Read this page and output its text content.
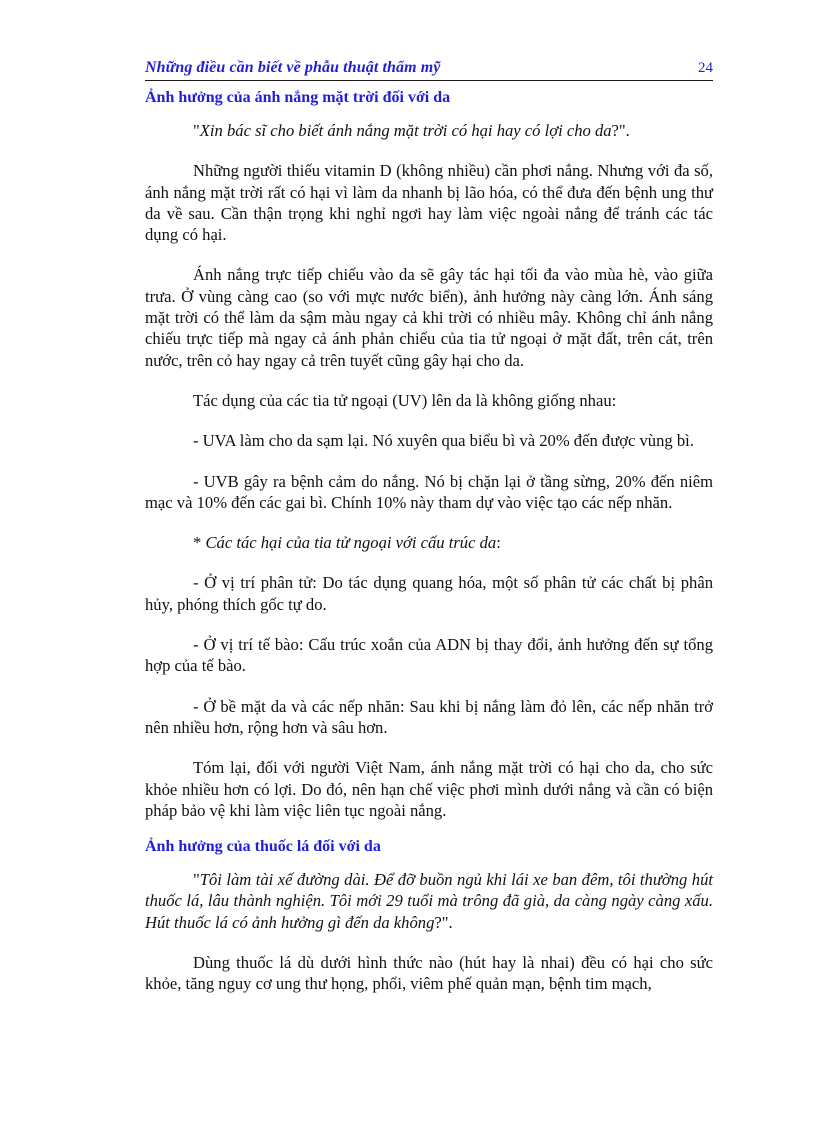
Những điều cần biết về phẫu thuật thẩm mỹ	24
Ảnh hưởng của ánh nắng mặt trời đối với da

"Xin bác sĩ cho biết ánh nắng mặt trời có hại hay có lợi cho da?".

Những người thiếu vitamin D (không nhiều) cần phơi nắng. Nhưng với đa số, ánh nắng mặt trời rất có hại vì làm da nhanh bị lão hóa, có thể đưa đến bệnh ung thư da về sau. Cần thận trọng khi nghỉ ngơi hay làm việc ngoài nắng để tránh các tác dụng có hại.

Ánh nắng trực tiếp chiếu vào da sẽ gây tác hại tối đa vào mùa hè, vào giữa trưa. Ở vùng càng cao (so với mực nước biển), ảnh hưởng này càng lớn. Ánh sáng mặt trời có thể làm da sậm màu ngay cả khi trời có nhiều mây. Không chỉ ánh nắng chiếu trực tiếp mà ngay cả ánh phản chiếu của tia tử ngoại ở mặt đất, trên cát, trên nước, trên cỏ hay ngay cả trên tuyết cũng gây hại cho da.

Tác dụng của các tia tử ngoại (UV) lên da là không giống nhau:

- UVA làm cho da sạm lại. Nó xuyên qua biểu bì và 20% đến được vùng bì.

- UVB gây ra bệnh cảm do nắng. Nó bị chặn lại ở tầng sừng, 20% đến niêm mạc và 10% đến các gai bì. Chính 10% này tham dự vào việc tạo các nếp nhăn.

* Các tác hại của tia tử ngoại với cấu trúc da:

- Ở vị trí phân tử: Do tác dụng quang hóa, một số phân tử các chất bị phân hủy, phóng thích gốc tự do.

- Ở vị trí tế bào: Cấu trúc xoắn của ADN bị thay đổi, ảnh hưởng đến sự tổng hợp của tế bào.

- Ở bề mặt da và các nếp nhăn: Sau khi bị nắng làm đỏ lên, các nếp nhăn trở nên nhiều hơn, rộng hơn và sâu hơn.

Tóm lại, đối với người Việt Nam, ánh nắng mặt trời có hại cho da, cho sức khỏe nhiều hơn có lợi. Do đó, nên hạn chế việc phơi mình dưới nắng và cần có biện pháp bảo vệ khi làm việc liên tục ngoài nắng.

Ảnh hưởng của thuốc lá đối với da

"Tôi làm tài xế đường dài. Để đỡ buồn ngủ khi lái xe ban đêm, tôi thường hút thuốc lá, lâu thành nghiện. Tôi mới 29 tuổi mà trông đã già, da càng ngày càng xấu. Hút thuốc lá có ảnh hưởng gì đến da không?".

Dùng thuốc lá dù dưới hình thức nào (hút hay là nhai) đều có hại cho sức khỏe, tăng nguy cơ ung thư họng, phổi, viêm phế quản mạn, bệnh tim mạch,
